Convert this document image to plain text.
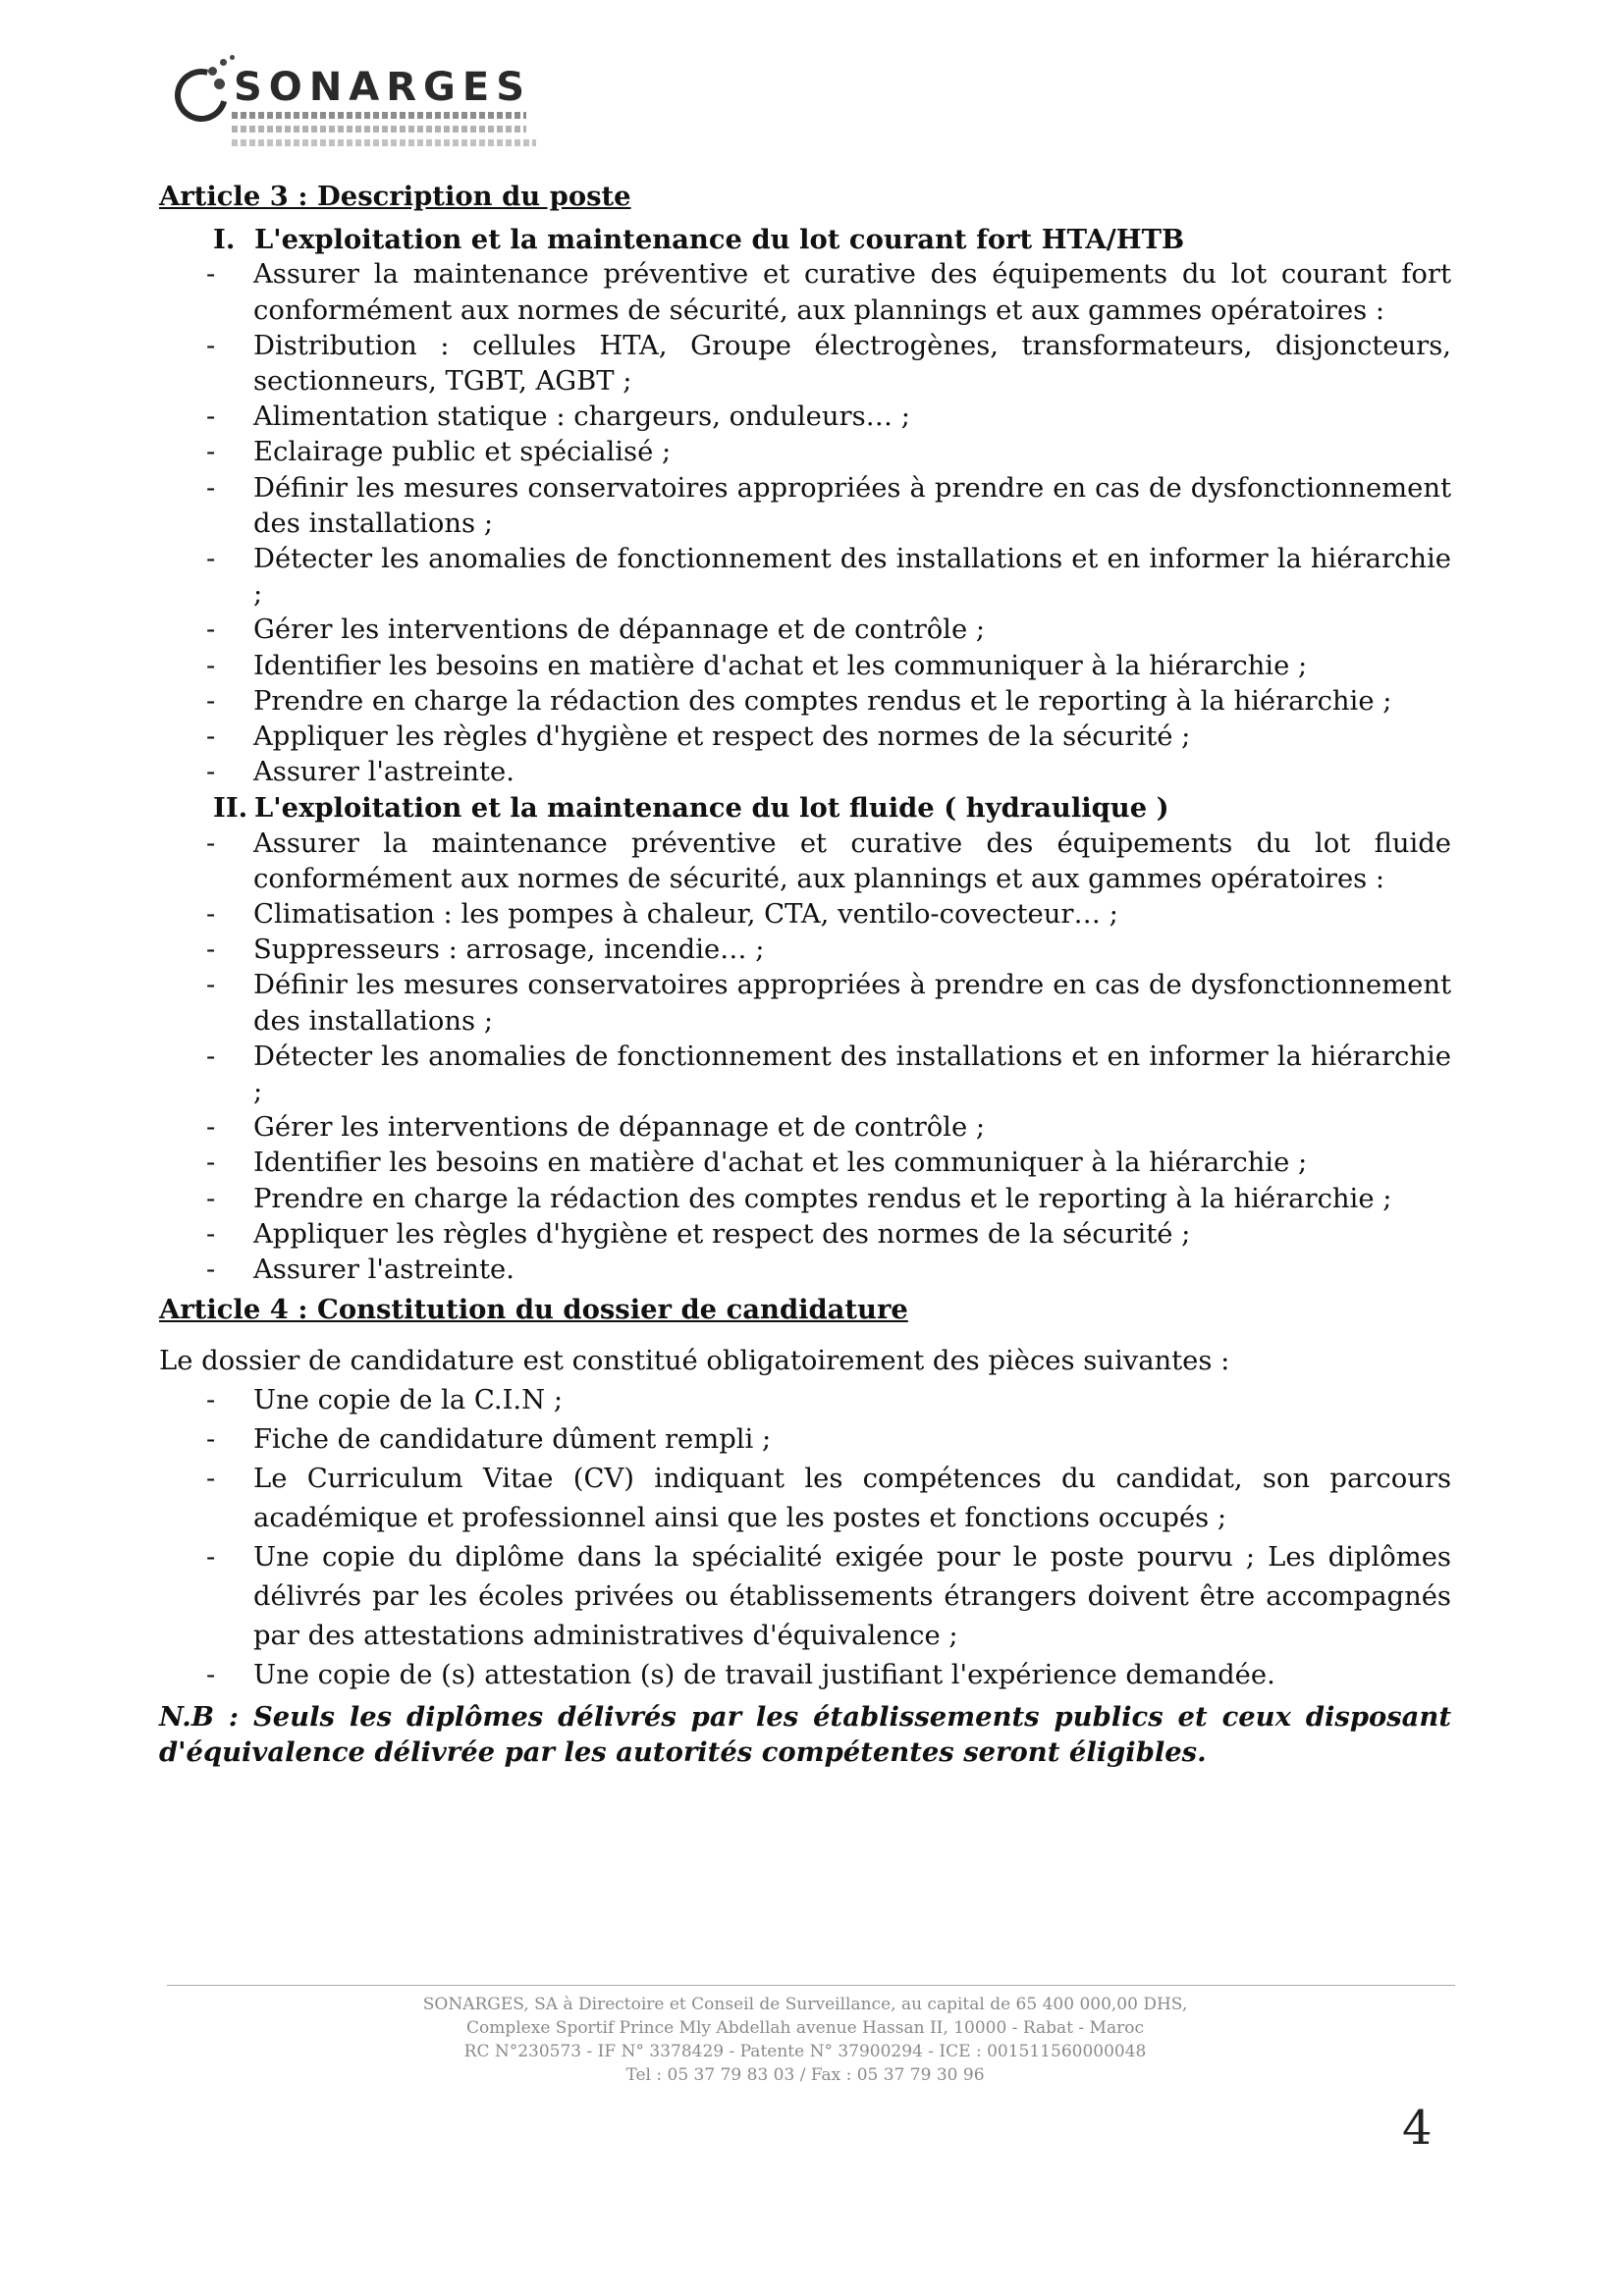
SONARGES
Article 3 : Description du poste
I. L'exploitation et la maintenance du lot courant fort HTA/HTB
- Assurer la maintenance préventive et curative des équipements du lot courant fort conformément aux normes de sécurité, aux plannings et aux gammes opératoires :
- Distribution : cellules HTA, Groupe électrogènes, transformateurs, disjoncteurs, sectionneurs, TGBT, AGBT ;
- Alimentation statique : chargeurs, onduleurs… ;
- Eclairage public et spécialisé ;
- Définir les mesures conservatoires appropriées à prendre en cas de dysfonctionnement des installations ;
- Détecter les anomalies de fonctionnement des installations et en informer la hiérarchie ;
- Gérer les interventions de dépannage et de contrôle ;
- Identifier les besoins en matière d'achat et les communiquer à la hiérarchie ;
- Prendre en charge la rédaction des comptes rendus et le reporting à la hiérarchie ;
- Appliquer les règles d'hygiène et respect des normes de la sécurité ;
- Assurer l'astreinte.
II. L'exploitation et la maintenance du lot fluide ( hydraulique )
- Assurer la maintenance préventive et curative des équipements du lot fluide conformément aux normes de sécurité, aux plannings et aux gammes opératoires :
- Climatisation : les pompes à chaleur, CTA, ventilo-covecteur… ;
- Suppresseurs : arrosage, incendie… ;
- Définir les mesures conservatoires appropriées à prendre en cas de dysfonctionnement des installations ;
- Détecter les anomalies de fonctionnement des installations et en informer la hiérarchie ;
- Gérer les interventions de dépannage et de contrôle ;
- Identifier les besoins en matière d'achat et les communiquer à la hiérarchie ;
- Prendre en charge la rédaction des comptes rendus et le reporting à la hiérarchie ;
- Appliquer les règles d'hygiène et respect des normes de la sécurité ;
- Assurer l'astreinte.
Article 4 : Constitution du dossier de candidature
Le dossier de candidature est constitué obligatoirement des pièces suivantes :
- Une copie de la C.I.N ;
- Fiche de candidature dûment rempli ;
- Le Curriculum Vitae (CV) indiquant les compétences du candidat, son parcours académique et professionnel ainsi que les postes et fonctions occupés ;
- Une copie du diplôme dans la spécialité exigée pour le poste pourvu ; Les diplômes délivrés par les écoles privées ou établissements étrangers doivent être accompagnés par des attestations administratives d'équivalence ;
- Une copie de (s) attestation (s) de travail justifiant l'expérience demandée.
N.B : Seuls les diplômes délivrés par les établissements publics et ceux disposant d'équivalence délivrée par les autorités compétentes seront éligibles.
SONARGES, SA à Directoire et Conseil de Surveillance, au capital de 65 400 000,00 DHS,
Complexe Sportif Prince Mly Abdellah avenue Hassan II, 10000 - Rabat - Maroc
RC N°230573 - IF N° 3378429 - Patente N° 37900294 - ICE : 001511560000048
Tel : 05 37 79 83 03 / Fax : 05 37 79 30 96
4
